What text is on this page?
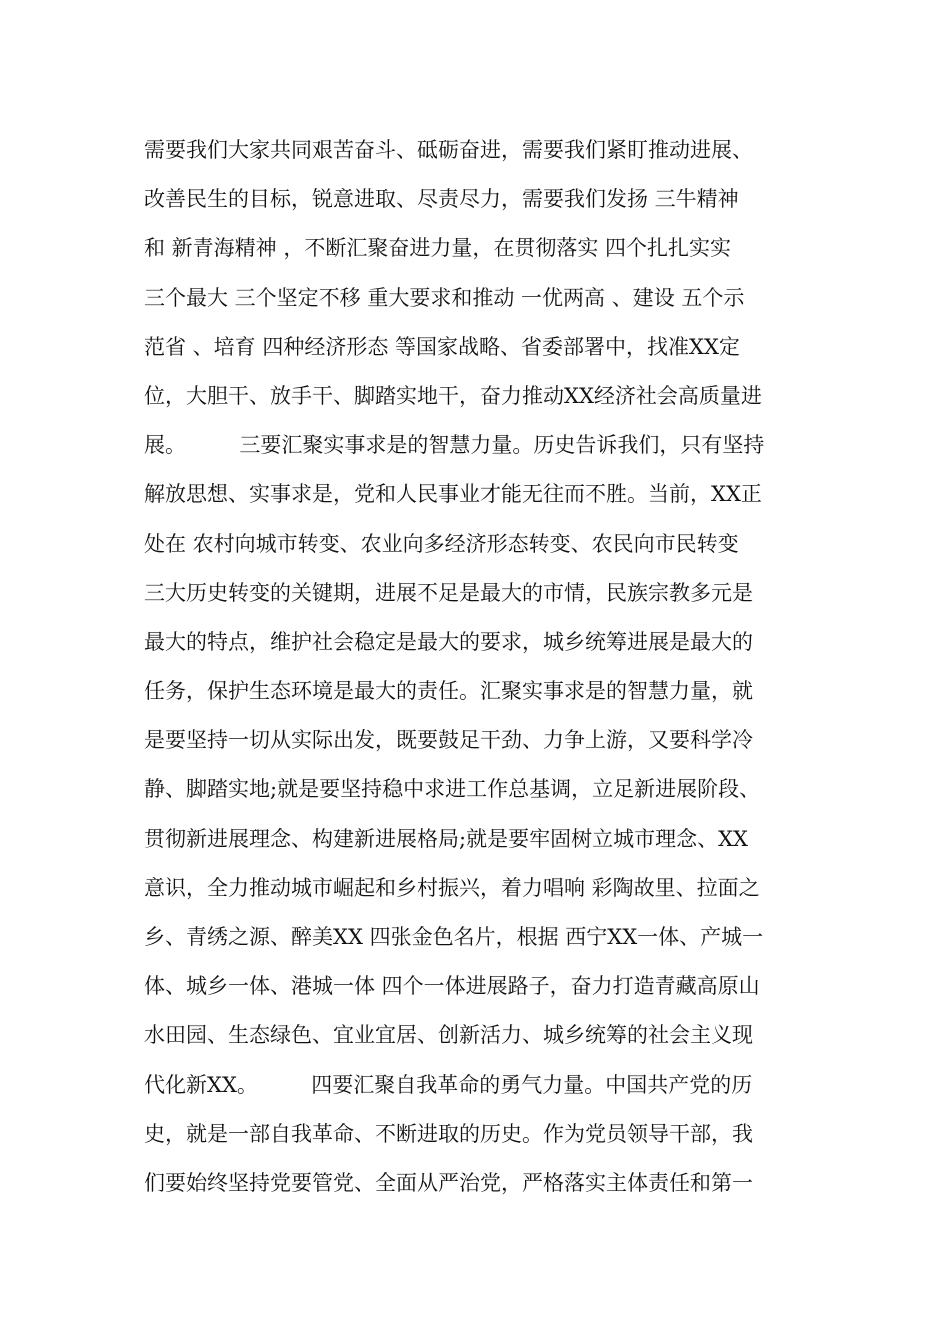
需要我们大家共同艰苦奋斗、砥砺奋进，需要我们紧盯推动进展、
改善民生的目标，锐意进取、尽责尽力，需要我们发扬 三牛精神
和 新青海精神 ，不断汇聚奋进力量，在贯彻落实 四个扎扎实实
三个最大 三个坚定不移 重大要求和推动 一优两高 、建设 五个示
范省 、培育 四种经济形态 等国家战略、省委部署中，找准XX定
位，大胆干、放手干、脚踏实地干，奋力推动XX经济社会高质量进
展。        三要汇聚实事求是的智慧力量。历史告诉我们，只有坚持
解放思想、实事求是，党和人民事业才能无往而不胜。当前，XX正
处在 农村向城市转变、农业向多经济形态转变、农民向市民转变
三大历史转变的关键期，进展不足是最大的市情，民族宗教多元是
最大的特点，维护社会稳定是最大的要求，城乡统筹进展是最大的
任务，保护生态环境是最大的责任。汇聚实事求是的智慧力量，就
是要坚持一切从实际出发，既要鼓足干劲、力争上游，又要科学冷
静、脚踏实地;就是要坚持稳中求进工作总基调，立足新进展阶段、
贯彻新进展理念、构建新进展格局;就是要牢固树立城市理念、XX
意识，全力推动城市崛起和乡村振兴，着力唱响 彩陶故里、拉面之
乡、青绣之源、醉美XX 四张金色名片，根据 西宁XX一体、产城一
体、城乡一体、港城一体 四个一体进展路子，奋力打造青藏高原山
水田园、生态绿色、宜业宜居、创新活力、城乡统筹的社会主义现
代化新XX。        四要汇聚自我革命的勇气力量。中国共产党的历
史，就是一部自我革命、不断进取的历史。作为党员领导干部，我
们要始终坚持党要管党、全面从严治党，严格落实主体责任和第一
